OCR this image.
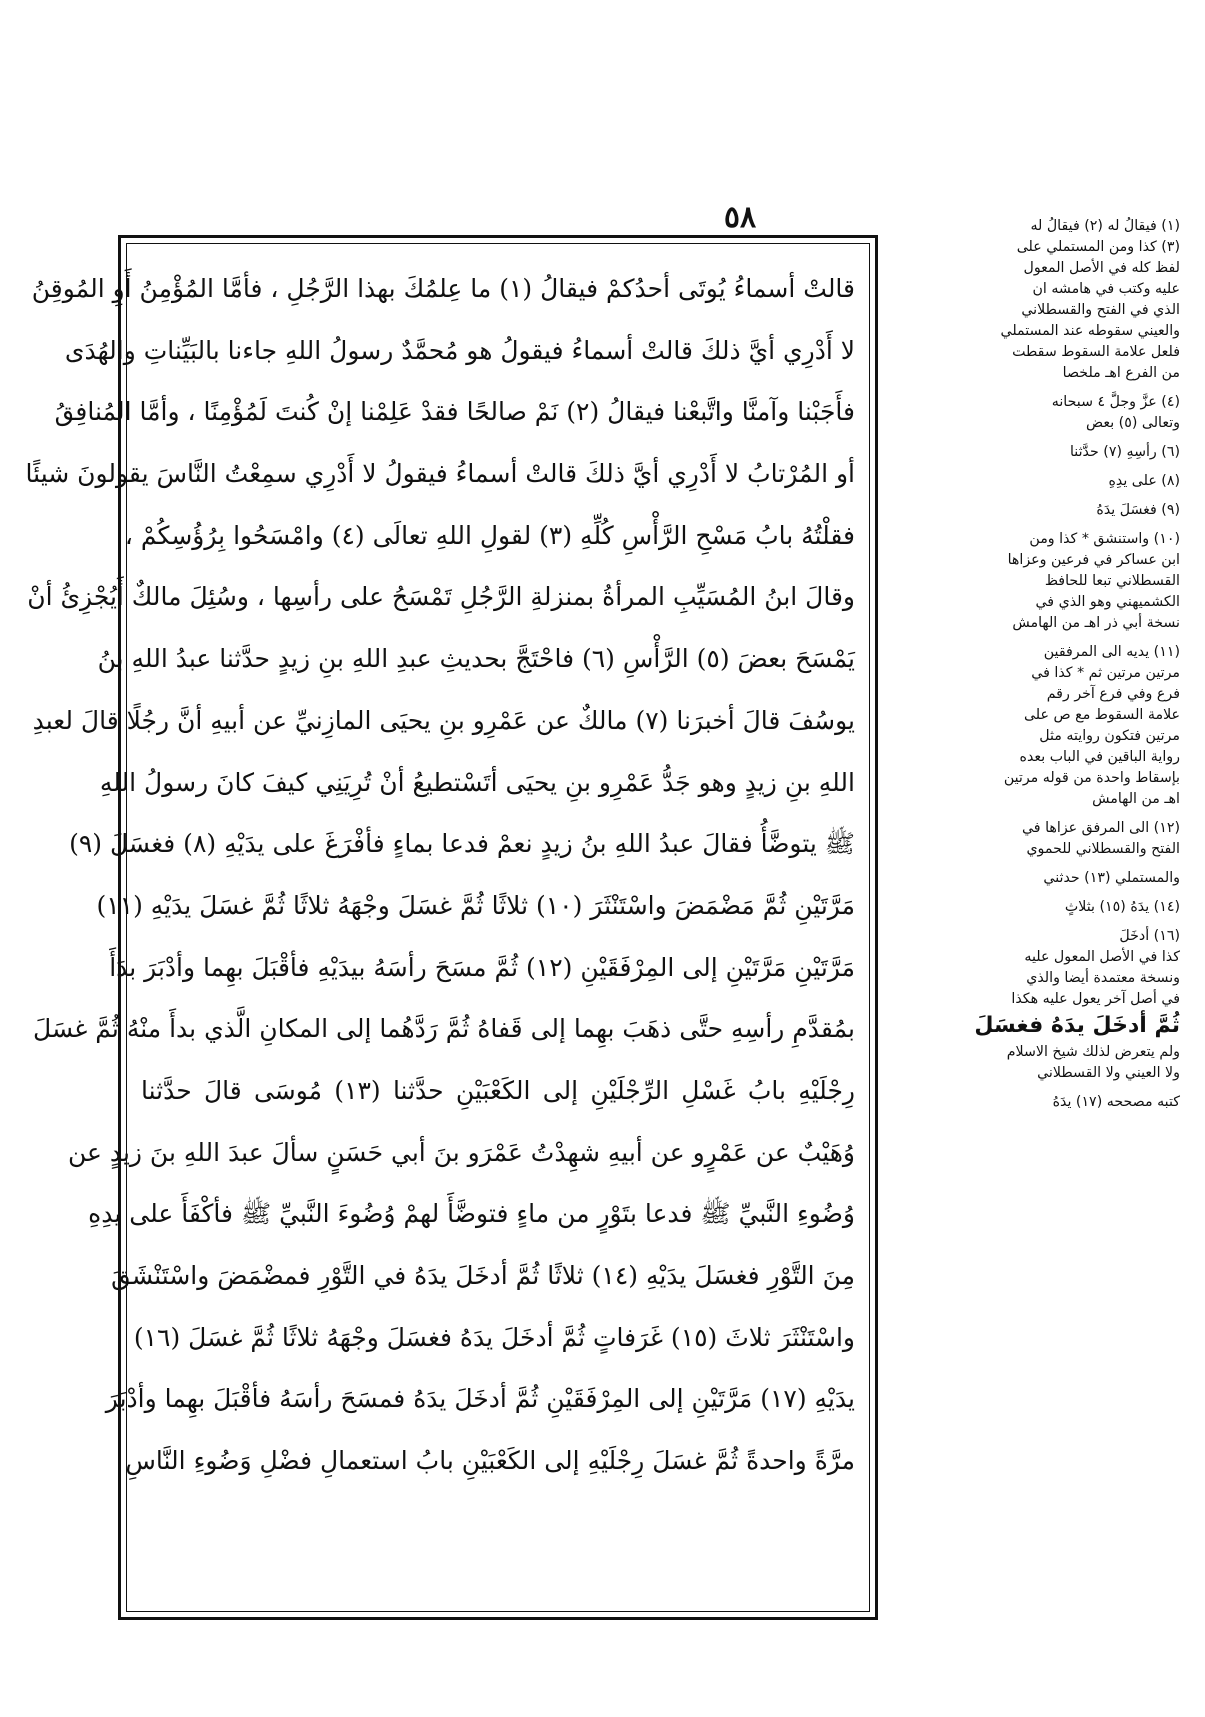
٥٨
قالتْ أسماءُ يُوتَى أحدُكمْ فيقالُ (١) ما عِلمُكَ بهذا الرَّجُلِ ، فأمَّا المُؤْمِنُ أَوِ المُوقِنُ
لا أَدْرِي أيَّ ذلكَ قالتْ أسماءُ فيقولُ هو مُحمَّدٌ رسولُ اللهِ جاءنا بالبَيِّناتِ والهُدَى
فأَجَبْنا وآمنَّا واتَّبعْنا فيقالُ (٢) نَمْ صالحًا فقدْ عَلِمْنا إنْ كُنتَ لَمُؤْمِنًا ، وأمَّا المُنافِقُ
أو المُرْتابُ لا أَدْرِي أيَّ ذلكَ قالتْ أسماءُ فيقولُ لا أَدْرِي سمِعْتُ النَّاسَ يقولونَ شيئًا
فقلْتُهُ بابُ مَسْحِ الرَّأْسِ كُلِّهِ (٣) لقولِ اللهِ تعالَى (٤) وامْسَحُوا بِرُؤُسِكُمْ ،
وقالَ ابنُ المُسَيِّبِ المرأةُ بمنزلةِ الرَّجُلِ تَمْسَحُ على رأسِها ، وسُئِلَ مالكٌ أَيُجْزِئُ أنْ
يَمْسَحَ بعضَ (٥) الرَّأْسِ (٦) فاحْتَجَّ بحديثِ عبدِ اللهِ بنِ زيدٍ حدَّثنا عبدُ اللهِ بنُ
يوسُفَ قالَ أخبرَنا (٧) مالكٌ عن عَمْرِو بنِ يحيَى المازِنيِّ عن أبيهِ أنَّ رجُلًا قالَ لعبدِ
اللهِ بنِ زيدٍ وهو جَدُّ عَمْرِو بنِ يحيَى أتَسْتطيعُ أنْ تُرِيَنِي كيفَ كانَ رسولُ اللهِ
ﷺ يتوضَّأُ فقالَ عبدُ اللهِ بنُ زيدٍ نعمْ فدعا بماءٍ فأفْرَغَ على يدَيْهِ (٨) فغسَلَ (٩)
مَرَّتَيْنِ ثُمَّ مَضْمَضَ واسْتَنْثَرَ (١٠) ثلاثًا ثُمَّ غسَلَ وجْهَهُ ثلاثًا ثُمَّ غسَلَ يدَيْهِ (١١)
مَرَّتَيْنِ مَرَّتَيْنِ إلى المِرْفَقَيْنِ (١٢) ثُمَّ مسَحَ رأسَهُ بيدَيْهِ فأقْبَلَ بهِما وأدْبَرَ بدَأَ
بمُقدَّمِ رأسِهِ حتَّى ذهَبَ بهِما إلى قَفاهُ ثُمَّ رَدَّهُما إلى المكانِ الَّذي بدأَ منْهُ ثُمَّ غسَلَ
رِجْلَيْهِ بابُ غَسْلِ الرِّجْلَيْنِ إلى الكَعْبَيْنِ حدَّثنا (١٣) مُوسَى قالَ حدَّثنا
وُهَيْبٌ عن عَمْرٍو عن أبيهِ شهِدْتُ عَمْرَو بنَ أبي حَسَنٍ سألَ عبدَ اللهِ بنَ زيدٍ عن
وُضُوءِ النَّبيِّ ﷺ فدعا بتَوْرٍ من ماءٍ فتوضَّأَ لهمْ وُضُوءَ النَّبيِّ ﷺ فأكْفَأَ على يدِهِ
مِنَ التَّوْرِ فغسَلَ يدَيْهِ (١٤) ثلاثًا ثُمَّ أدخَلَ يدَهُ في التَّوْرِ فمضْمَضَ واسْتَنْشَقَ
واسْتَنْثَرَ ثلاثَ (١٥) غَرَفاتٍ ثُمَّ أدخَلَ يدَهُ فغسَلَ وجْهَهُ ثلاثًا ثُمَّ غسَلَ (١٦)
يدَيْهِ (١٧) مَرَّتَيْنِ إلى المِرْفَقَيْنِ ثُمَّ أدخَلَ يدَهُ فمسَحَ رأسَهُ فأقْبَلَ بهِما وأدْبَرَ
مرَّةً واحدةً ثُمَّ غسَلَ رِجْلَيْهِ إلى الكَعْبَيْنِ بابُ استعمالِ فضْلِ وَضُوءِ النَّاسِ
(١) فيقالُ له (٢) فيقالُ له
(٣) كذا ومن المستملي على
لفظ كله في الأصل المعول
عليه وكتب في هامشه ان
الذي في الفتح والقسطلاني
والعيني سقوطه عند المستملي
فلعل علامة السقوط سقطت
من الفرع اهـ ملخصا
(٤) عزَّ وجلَّ ٤ سبحانه
وتعالى (٥) بعض
(٦) رأسِهِ (٧) حدَّثنا
(٨) على يدِهِ
(٩) فغسَلَ يدَهُ
(١٠) واستنشق * كذا ومن
ابن عساكر في فرعين وعزاها
القسطلاني تبعا للحافظ
الكشميهني وهو الذي في
نسخة أبي ذر اهـ من الهامش
(١١) يديه الى المرفقين
مرتين مرتين ثم * كذا في
فرع وفي فرع آخر رقم
علامة السقوط مع ص على
مرتين فتكون روايته مثل
رواية الباقين في الباب بعده
بإسقاط واحدة من قوله مرتين
اهـ من الهامش
(١٢) الى المرفق عزاها في
الفتح والقسطلاني للحموي
والمستملي (١٣) حدثني
(١٤) يدَهُ (١٥) بثلاثٍ
(١٦) أدخَلَ
كذا في الأصل المعول عليه
ونسخة معتمدة أيضا والذي
في أصل آخر يعول عليه هكذا
ثُمَّ أدخَلَ يدَهُ فغسَلَ
ولم يتعرض لذلك شيخ الاسلام
ولا العيني ولا القسطلاني
كتبه مصححه (١٧) يدَهُ
